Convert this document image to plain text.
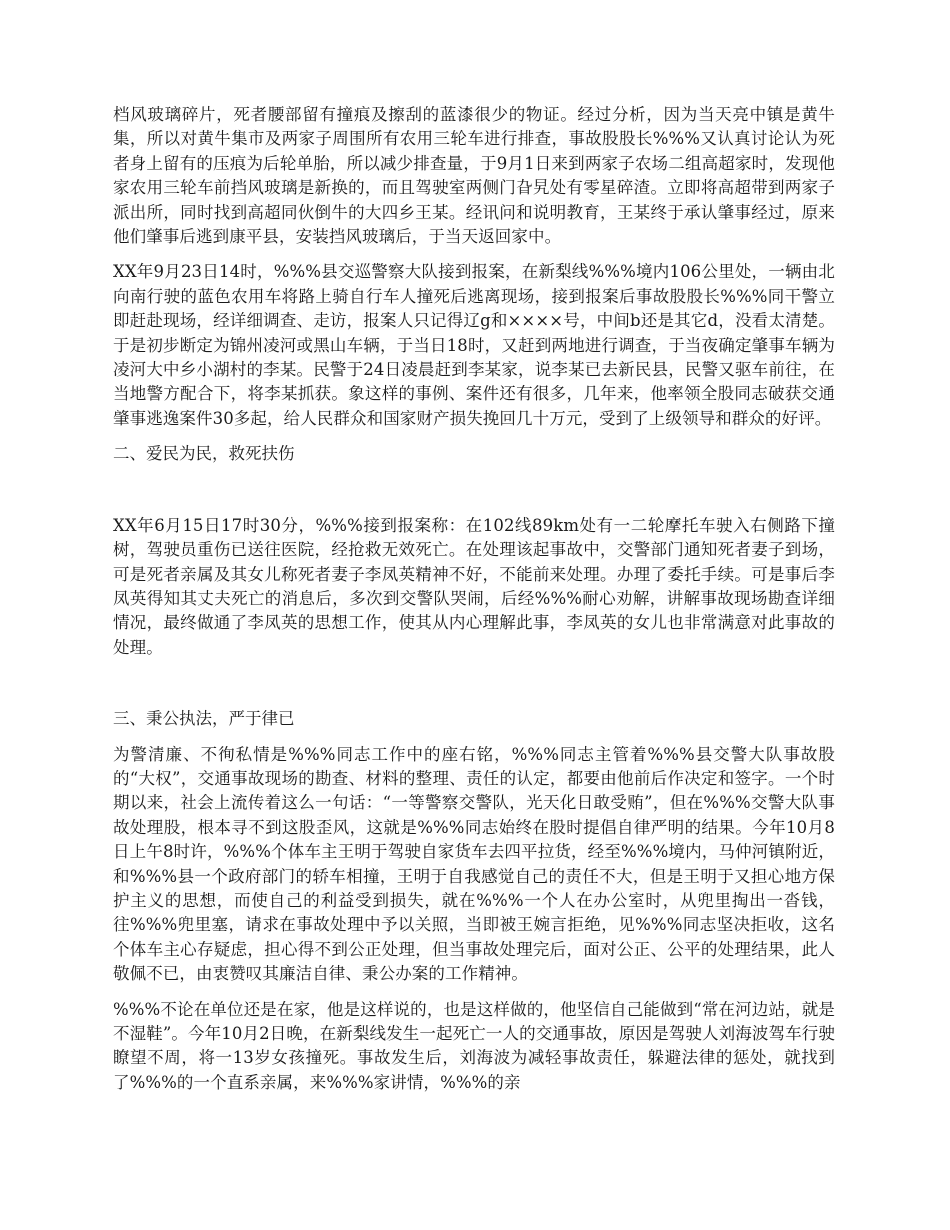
档风玻璃碎片，死者腰部留有撞痕及擦刮的蓝漆很少的物证。经过分析，因为当天亮中镇是黄牛集，所以对黄牛集市及两家子周围所有农用三轮车进行排查，事故股股长%%%又认真讨论认为死者身上留有的压痕为后轮单胎，所以减少排查量，于9月1日来到两家子农场二组高超家时，发现他家农用三轮车前挡风玻璃是新换的，而且驾驶室两侧门旮旯处有零星碎渣。立即将高超带到两家子派出所，同时找到高超同伙倒牛的大四乡王某。经讯问和说明教育，王某终于承认肇事经过，原来他们肇事后逃到康平县，安装挡风玻璃后，于当天返回家中。

XX年9月23日14时，%%%县交巡警察大队接到报案，在新梨线%%%境内106公里处，一辆由北向南行驶的蓝色农用车将路上骑自行车人撞死后逃离现场，接到报案后事故股股长%%%同干警立即赶赴现场，经详细调查、走访，报案人只记得辽g和××××号，中间b还是其它d，没看太清楚。于是初步断定为锦州凌河或黑山车辆，于当日18时，又赶到两地进行调查，于当夜确定肇事车辆为凌河大中乡小湖村的李某。民警于24日凌晨赶到李某家，说李某已去新民县，民警又驱车前往，在当地警方配合下，将李某抓获。象这样的事例、案件还有很多，几年来，他率领全股同志破获交通肇事逃逸案件30多起，给人民群众和国家财产损失挽回几十万元，受到了上级领导和群众的好评。

二、爱民为民，救死扶伤

XX年6月15日17时30分，%%%接到报案称：在102线89km处有一二轮摩托车驶入右侧路下撞树，驾驶员重伤已送往医院，经抢救无效死亡。在处理该起事故中，交警部门通知死者妻子到场，可是死者亲属及其女儿称死者妻子李凤英精神不好，不能前来处理。办理了委托手续。可是事后李凤英得知其丈夫死亡的消息后，多次到交警队哭闹，后经%%%耐心劝解，讲解事故现场勘查详细情况，最终做通了李凤英的思想工作，使其从内心理解此事，李凤英的女儿也非常满意对此事故的处理。

三、秉公执法，严于律已

为警清廉、不徇私情是%%%同志工作中的座右铭，%%%同志主管着%%%县交警大队事故股的“大权”，交通事故现场的勘查、材料的整理、责任的认定，都要由他前后作决定和签字。一个时期以来，社会上流传着这么一句话：“一等警察交警队，光天化日敢受贿”，但在%%%交警大队事故处理股，根本寻不到这股歪风，这就是%%%同志始终在股时提倡自律严明的结果。今年10月8日上午8时许，%%%个体车主王明于驾驶自家货车去四平拉货，经至%%%境内，马仲河镇附近，和%%%县一个政府部门的轿车相撞，王明于自我感觉自己的责任不大，但是王明于又担心地方保护主义的思想，而使自己的利益受到损失，就在%%%一个人在办公室时，从兜里掏出一沓钱，往%%%兜里塞，请求在事故处理中予以关照，当即被王婉言拒绝，见%%%同志坚决拒收，这名个体车主心存疑虑，担心得不到公正处理，但当事故处理完后，面对公正、公平的处理结果，此人敬佩不已，由衷赞叹其廉洁自律、秉公办案的工作精神。

%%%不论在单位还是在家，他是这样说的，也是这样做的，他坚信自己能做到“常在河边站，就是不湿鞋”。今年10月2日晚，在新梨线发生一起死亡一人的交通事故，原因是驾驶人刘海波驾车行驶瞭望不周，将一13岁女孩撞死。事故发生后，刘海波为减轻事故责任，躲避法律的惩处，就找到了%%%的一个直系亲属，来%%%家讲情，%%%的亲
